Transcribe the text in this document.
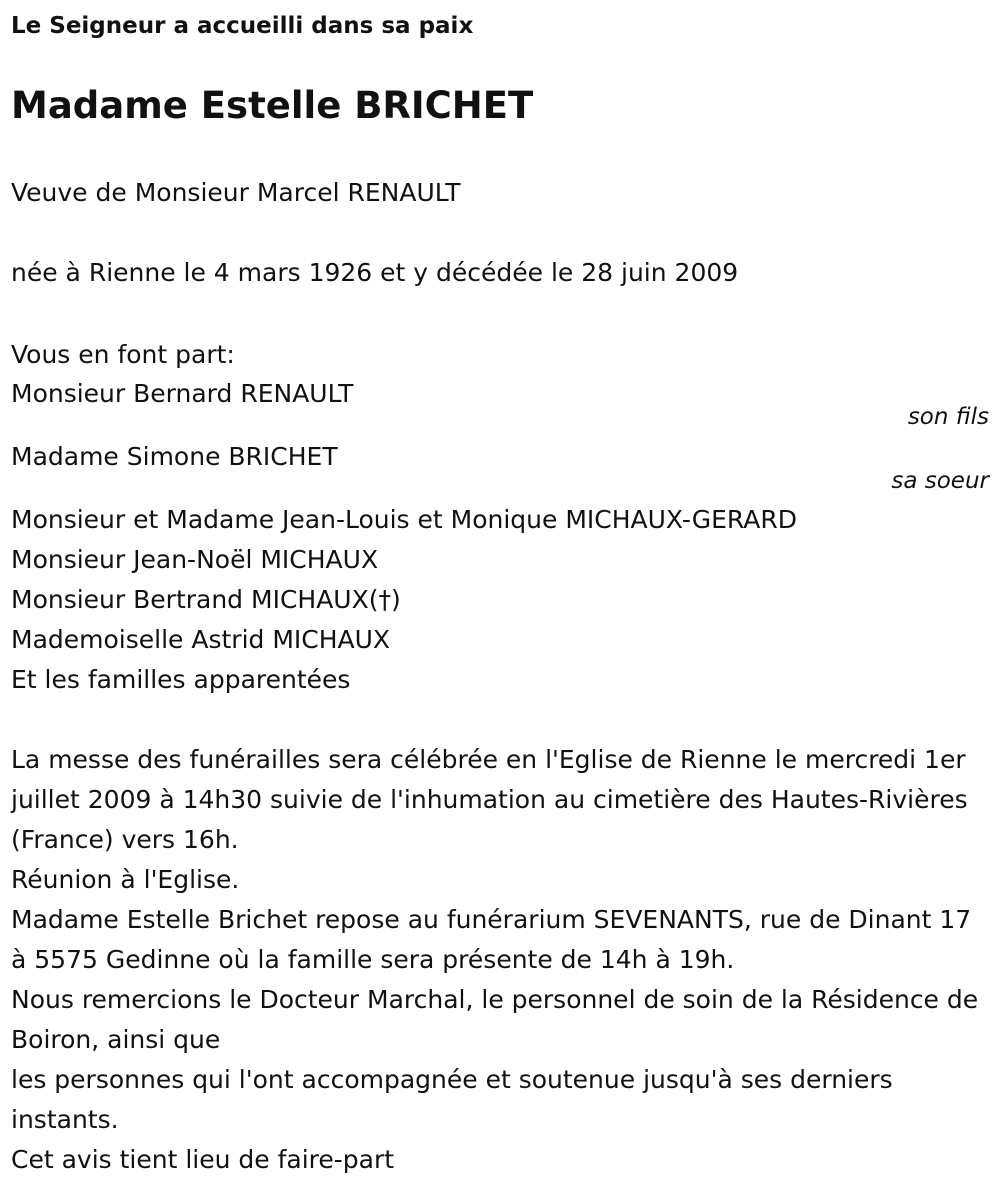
Le Seigneur a accueilli dans sa paix
Madame Estelle BRICHET
Veuve de Monsieur Marcel RENAULT
née à Rienne le 4 mars 1926 et y décédée le 28 juin 2009
Vous en font part:
Monsieur Bernard RENAULT
son fils
Madame Simone BRICHET
sa soeur
Monsieur et Madame Jean-Louis et Monique MICHAUX-GERARD
Monsieur Jean-Noël MICHAUX
Monsieur Bertrand MICHAUX(†)
Mademoiselle Astrid MICHAUX
Et les familles apparentées

La messe des funérailles sera célébrée en l'Eglise de Rienne le mercredi 1er juillet 2009 à 14h30 suivie de l'inhumation au cimetière des Hautes-Rivières (France) vers 16h.

Réunion à l'Eglise.

Madame Estelle Brichet repose au funérarium SEVENANTS, rue de Dinant 17 à 5575 Gedinne où la famille sera présente de 14h à 19h.

Nous remercions le Docteur Marchal, le personnel de soin de la Résidence de Boiron, ainsi que

les personnes qui l'ont accompagnée et soutenue jusqu'à ses derniers instants.

Cet avis tient lieu de faire-part
